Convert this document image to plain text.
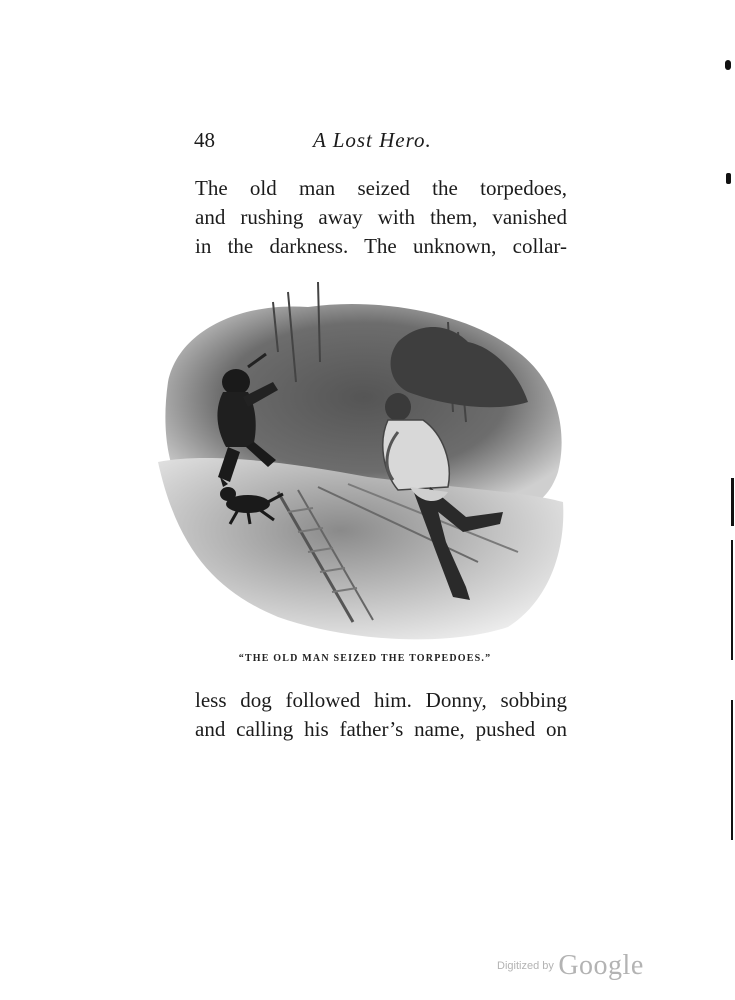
48	A Lost Hero.
The old man seized the torpedoes,
and rushing away with them, vanished
in the darkness. The unknown, collar-
“THE OLD MAN SEIZED THE TORPEDOES.”
less dog followed him. Donny, sobbing
and calling his father’s name, pushed on
Digitized by Google
